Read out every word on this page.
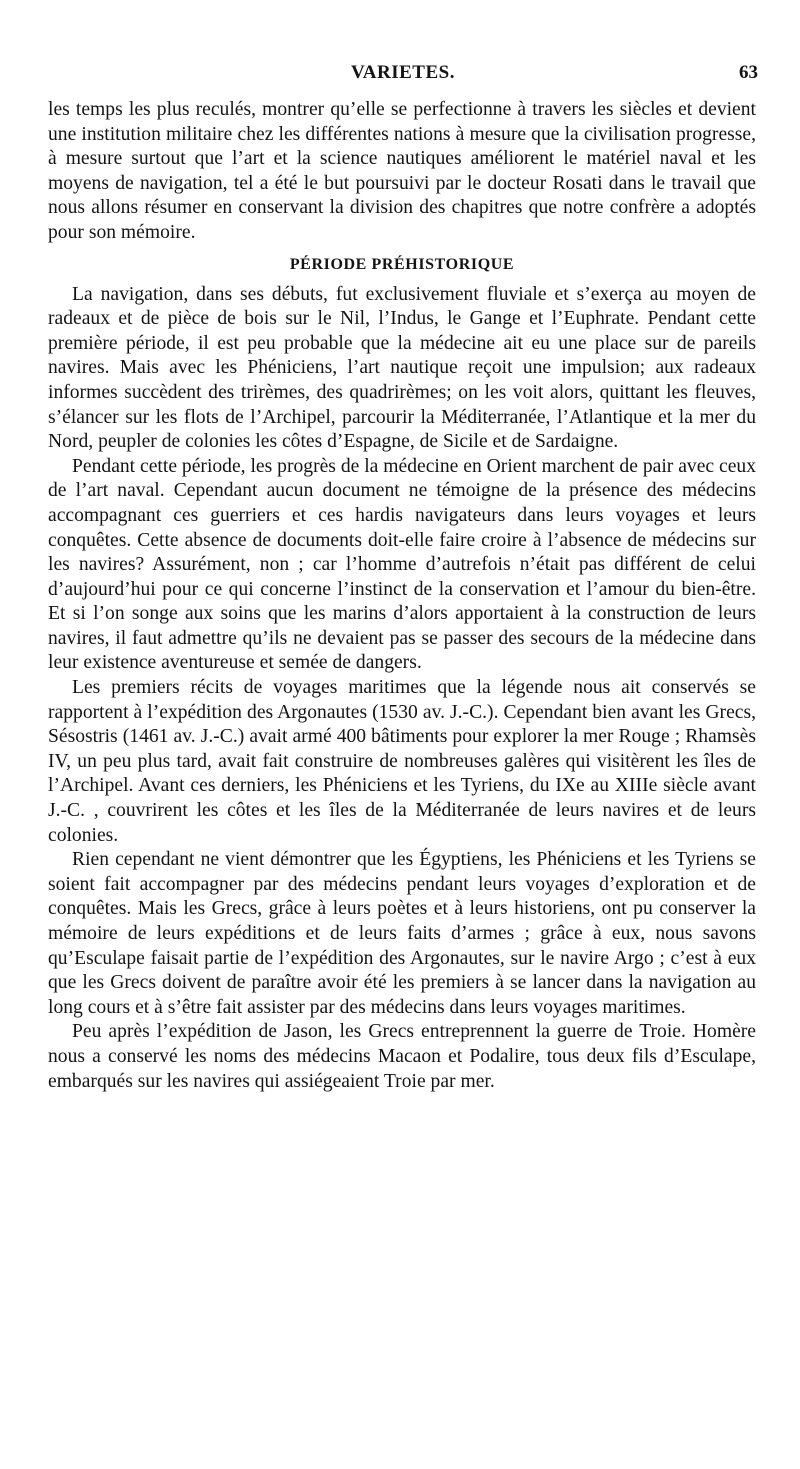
VARIETES.	63

les temps les plus reculés, montrer qu’elle se perfectionne à travers les siècles et devient une institution militaire chez les différentes nations à mesure que la civilisation progresse, à mesure surtout que l’art et la science nautiques améliorent le matériel naval et les moyens de navigation, tel a été le but poursuivi par le docteur Rosati dans le travail que nous allons résumer en conservant la division des chapitres que notre confrère a adoptés pour son mémoire.

PÉRIODE PRÉHISTORIQUE

La navigation, dans ses débuts, fut exclusivement fluviale et s’exerça au moyen de radeaux et de pièce de bois sur le Nil, l’Indus, le Gange et l’Euphrate. Pendant cette première période, il est peu probable que la médecine ait eu une place sur de pareils navires. Mais avec les Phéniciens, l’art nautique reçoit une impulsion; aux radeaux informes succèdent des trirèmes, des quadrirèmes; on les voit alors, quittant les fleuves, s’élancer sur les flots de l’Archipel, parcourir la Méditerranée, l’Atlantique et la mer du Nord, peupler de colonies les côtes d’Espagne, de Sicile et de Sardaigne.

Pendant cette période, les progrès de la médecine en Orient marchent de pair avec ceux de l’art naval. Cependant aucun document ne témoigne de la présence des médecins accompagnant ces guerriers et ces hardis navigateurs dans leurs voyages et leurs conquêtes. Cette absence de documents doit-elle faire croire à l’absence de médecins sur les navires? Assurément, non ; car l’homme d’autrefois n’était pas différent de celui d’aujourd’hui pour ce qui concerne l’instinct de la conservation et l’amour du bien-être. Et si l’on songe aux soins que les marins d’alors apportaient à la construction de leurs navires, il faut admettre qu’ils ne devaient pas se passer des secours de la médecine dans leur existence aventureuse et semée de dangers.

Les premiers récits de voyages maritimes que la légende nous ait conservés se rapportent à l’expédition des Argonautes (1530 av. J.-C.). Cependant bien avant les Grecs, Sésostris (1461 av. J.-C.) avait armé 400 bâtiments pour explorer la mer Rouge ; Rhamsès IV, un peu plus tard, avait fait construire de nombreuses galères qui visitèrent les îles de l’Archipel. Avant ces derniers, les Phéniciens et les Tyriens, du IXe au XIIIe siècle avant J.-C. , couvrirent les côtes et les îles de la Méditerranée de leurs navires et de leurs colonies.

Rien cependant ne vient démontrer que les Égyptiens, les Phéniciens et les Tyriens se soient fait accompagner par des médecins pendant leurs voyages d’exploration et de conquêtes. Mais les Grecs, grâce à leurs poètes et à leurs historiens, ont pu conserver la mémoire de leurs expéditions et de leurs faits d’armes ; grâce à eux, nous savons qu’Esculape faisait partie de l’expédition des Argonautes, sur le navire Argo ; c’est à eux que les Grecs doivent de paraître avoir été les premiers à se lancer dans la navigation au long cours et à s’être fait assister par des médecins dans leurs voyages maritimes.

Peu après l’expédition de Jason, les Grecs entreprennent la guerre de Troie. Homère nous a conservé les noms des médecins Macaon et Podalire, tous deux fils d’Esculape, embarqués sur les navires qui assiégeaient Troie par mer.
